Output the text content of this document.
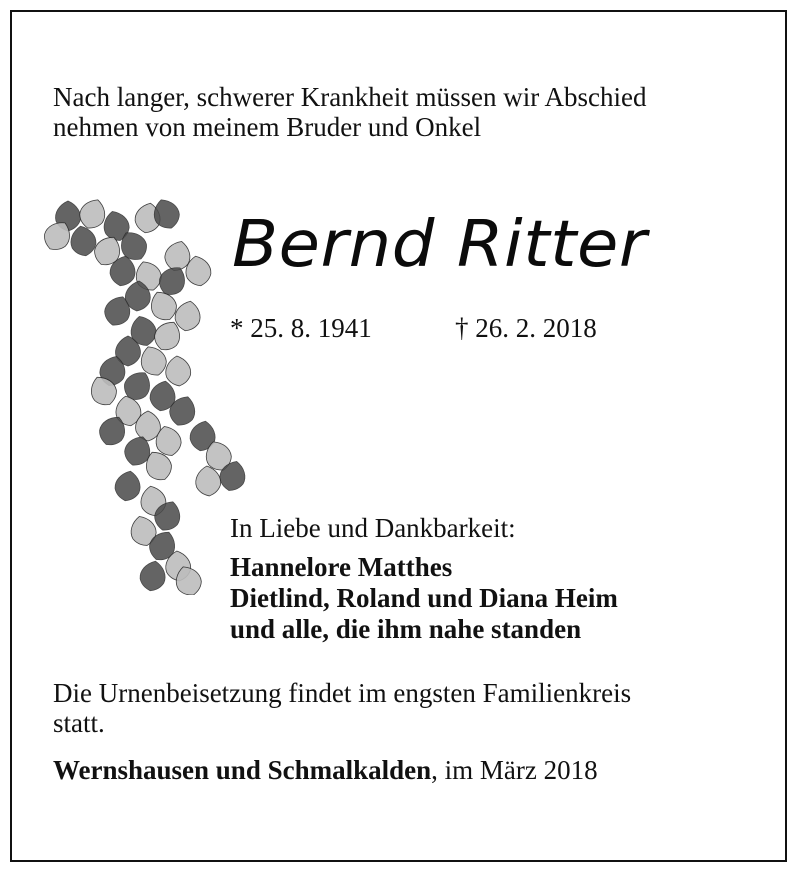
Nach langer, schwerer Krankheit müssen wir Abschied
nehmen von meinem Bruder und Onkel

Bernd Ritter
* 25. 8. 1941	† 26. 2. 2018
In Liebe und Dankbarkeit:
Hannelore Matthes
Dietlind, Roland und Diana Heim
und alle, die ihm nahe standen

Die Urnenbeisetzung findet im engsten Familienkreis
statt.

Wernshausen und Schmalkalden, im März 2018
